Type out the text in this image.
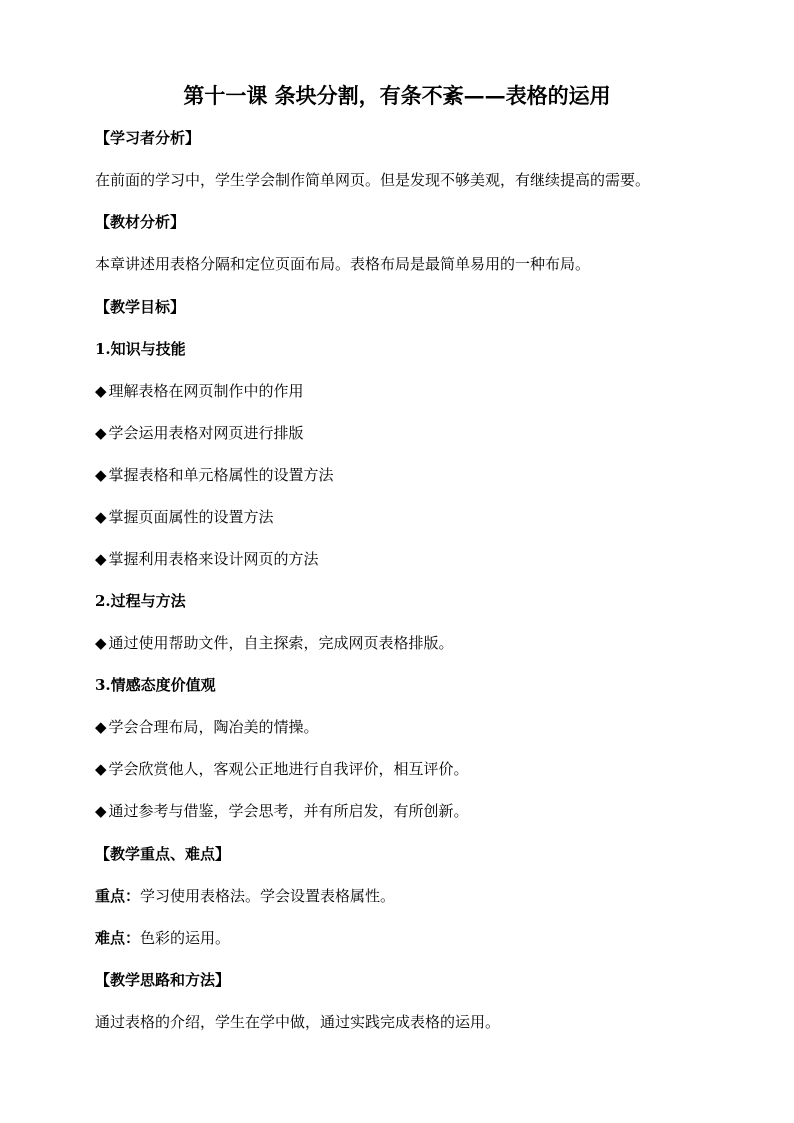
第十一课 条块分割，有条不紊——表格的运用
【学习者分析】
在前面的学习中，学生学会制作简单网页。但是发现不够美观，有继续提高的需要。
【教材分析】
本章讲述用表格分隔和定位页面布局。表格布局是最简单易用的一种布局。
【教学目标】
1.知识与技能
◆ 理解表格在网页制作中的作用
◆ 学会运用表格对网页进行排版
◆ 掌握表格和单元格属性的设置方法
◆ 掌握页面属性的设置方法
◆ 掌握利用表格来设计网页的方法
2.过程与方法
◆ 通过使用帮助文件，自主探索，完成网页表格排版。
3.情感态度价值观
◆ 学会合理布局，陶冶美的情操。
◆ 学会欣赏他人，客观公正地进行自我评价，相互评价。
◆ 通过参考与借鉴，学会思考，并有所启发，有所创新。
【教学重点、难点】
重点：学习使用表格法。学会设置表格属性。
难点：色彩的运用。
【教学思路和方法】
通过表格的介绍，学生在学中做，通过实践完成表格的运用。
